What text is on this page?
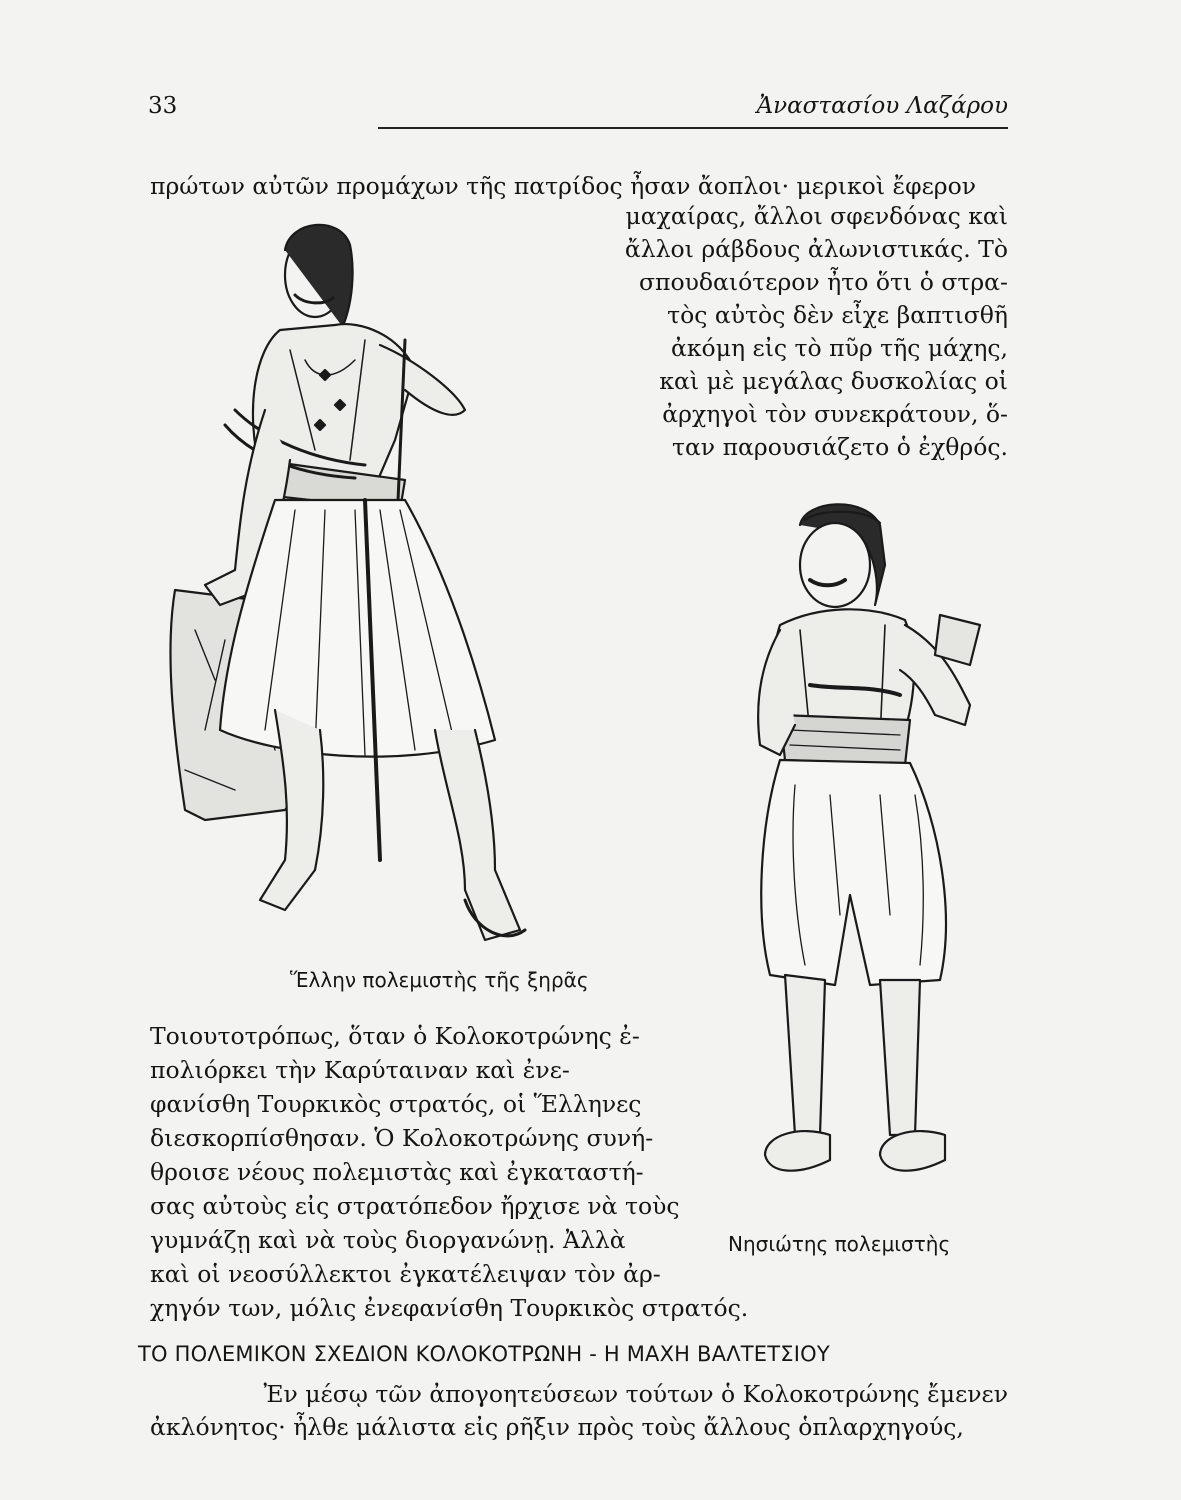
33	Ἀναστασίου Λαζάρου
πρώτων αὐτῶν προμάχων τῆς πατρίδος ἦσαν ἄοπλοι· μερικοὶ ἔφερον
μαχαίρας, ἄλλοι σφενδόνας καὶ
ἄλλοι ράβδους ἀλωνιστικάς. Τὸ
σπουδαιότερον ἦτο ὅτι ὁ στρα-
τὸς αὐτὸς δὲν εἶχε βαπτισθῆ
ἀκόμη εἰς τὸ πῦρ τῆς μάχης,
καὶ μὲ μεγάλας δυσκολίας οἱ
ἀρχηγοὶ τὸν συνεκράτουν, ὅ-
ταν παρουσιάζετο ὁ ἐχθρός.
Ἕλλην πολεμιστὴς τῆς ξηρᾶς
Τοιουτοτρόπως, ὅταν ὁ Κολοκοτρώνης ἐ-
πολιόρκει τὴν Καρύταιναν καὶ ἐνε-
φανίσθη Τουρκικὸς στρατός, οἱ Ἕλληνες
διεσκορπίσθησαν. Ὁ Κολοκοτρώνης συνή-
θροισε νέους πολεμιστὰς καὶ ἐγκαταστή-
σας αὐτοὺς εἰς στρατόπεδον ἤρχισε νὰ τοὺς
γυμνάζῃ καὶ νὰ τοὺς διοργανώνῃ. Ἀλλὰ
καὶ οἱ νεοσύλλεκτοι ἐγκατέλειψαν τὸν ἀρ-
χηγόν των, μόλις ἐνεφανίσθη Τουρκικὸς στρατός.
Νησιώτης πολεμιστὴς
ΤΟ ΠΟΛΕΜΙΚΟΝ ΣΧΕΔΙΟΝ ΚΟΛΟΚΟΤΡΩΝΗ - Η ΜΑΧΗ ΒΑΛΤΕΤΣΙΟΥ
Ἐν μέσῳ τῶν ἀπογοητεύσεων τούτων ὁ Κολοκοτρώνης ἔμενεν
ἀκλόνητος· ἦλθε μάλιστα εἰς ρῆξιν πρὸς τοὺς ἄλλους ὁπλαρχηγούς,
